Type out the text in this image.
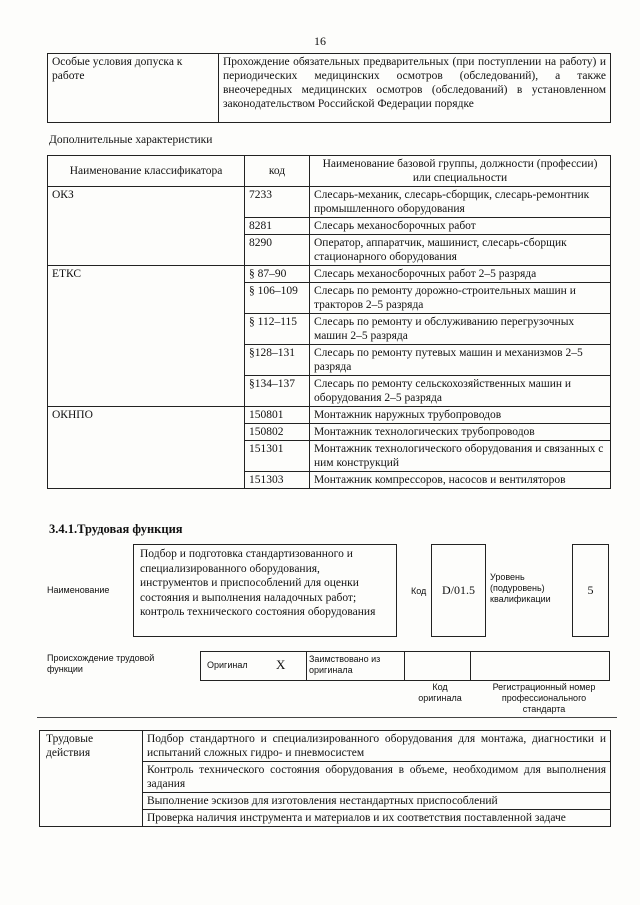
16
Особые условия допуска к работе	Прохождение обязательных предварительных (при поступлении на работу) и периодических медицинских осмотров (обследований), а также внеочередных медицинских осмотров (обследований) в установленном законодательством Российской Федерации порядке
Дополнительные характеристики
Наименование классификатора	код	Наименование базовой группы, должности (профессии) или специальности
ОКЗ	7233	Слесарь-механик, слесарь-сборщик, слесарь-ремонтник промышленного оборудования
	8281	Слесарь механосборочных работ
	8290	Оператор, аппаратчик, машинист, слесарь-сборщик стационарного оборудования
ЕТКС	§ 87–90	Слесарь механосборочных работ 2–5 разряда
	§ 106–109	Слесарь по ремонту дорожно-строительных машин и тракторов 2–5 разряда
	§ 112–115	Слесарь по ремонту и обслуживанию перегрузочных машин 2–5 разряда
	§128–131	Слесарь по ремонту путевых машин и механизмов 2–5 разряда
	§134–137	Слесарь по ремонту сельскохозяйственных машин и оборудования 2–5 разряда
ОКНПО	150801	Монтажник наружных трубопроводов
	150802	Монтажник технологических трубопроводов
	151301	Монтажник технологического оборудования и связанных с ним конструкций
	151303	Монтажник компрессоров, насосов и вентиляторов
3.4.1.Трудовая функция
Наименование
Подбор и подготовка стандартизованного и специализированного оборудования, инструментов и приспособлений для оценки состояния и выполнения наладочных работ; контроль технического состояния оборудования
Код	D/01.5
Уровень (подуровень) квалификации
5
Происхождение трудовой функции	Оригинал X	Заимствовано из оригинала
Код оригинала
Регистрационный номер профессионального стандарта
Трудовые действия	Подбор стандартного и специализированного оборудования для монтажа, диагностики и испытаний сложных гидро- и пневмосистем
Контроль технического состояния оборудования в объеме, необходимом для выполнения задания
Выполнение эскизов для изготовления нестандартных приспособлений
Проверка наличия инструмента и материалов и их соответствия поставленной задаче
